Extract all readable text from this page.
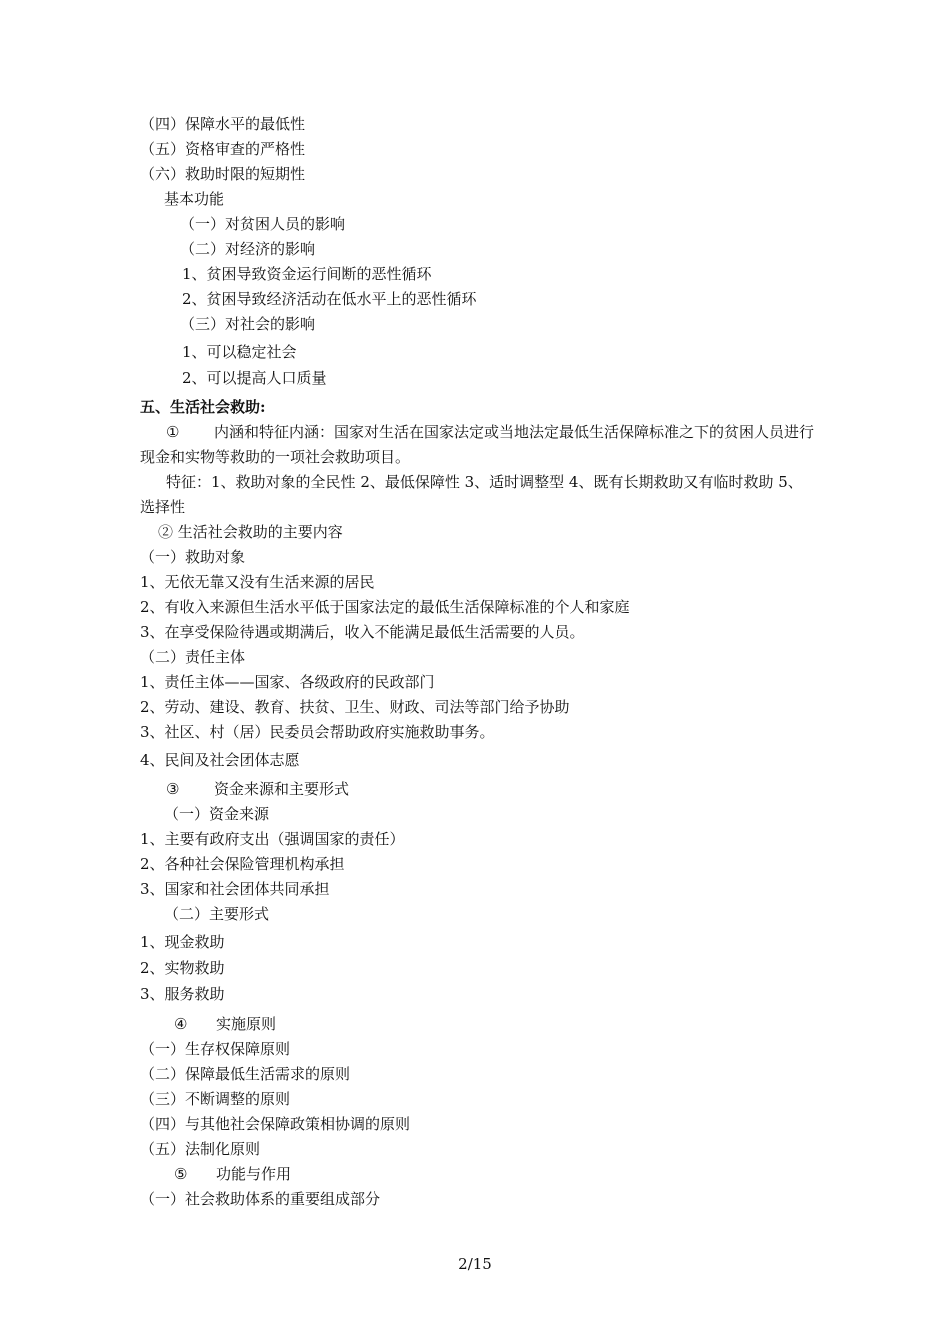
（四）保障水平的最低性
（五）资格审查的严格性
（六）救助时限的短期性
基本功能
（一）对贫困人员的影响
（二）对经济的影响
1、贫困导致资金运行间断的恶性循环
2、贫困导致经济活动在低水平上的恶性循环
（三）对社会的影响
1、可以稳定社会
2、可以提高人口质量
五、生活社会救助:
① 内涵和特征内涵：国家对生活在国家法定或当地法定最低生活保障标准之下的贫困人员进行现金和实物等救助的一项社会救助项目。
特征：1、救助对象的全民性 2、最低保障性 3、适时调整型 4、既有长期救助又有临时救助 5、选择性
② 生活社会救助的主要内容
（一）救助对象
1、无依无靠又没有生活来源的居民
2、有收入来源但生活水平低于国家法定的最低生活保障标准的个人和家庭
3、在享受保险待遇或期满后，收入不能满足最低生活需要的人员。
（二）责任主体
1、责任主体——国家、各级政府的民政部门
2、劳动、建设、教育、扶贫、卫生、财政、司法等部门给予协助
3、社区、村（居）民委员会帮助政府实施救助事务。
4、民间及社会团体志愿
③ 资金来源和主要形式
（一）资金来源
1、主要有政府支出（强调国家的责任）
2、各种社会保险管理机构承担
3、国家和社会团体共同承担
（二）主要形式
1、现金救助
2、实物救助
3、服务救助
④ 实施原则
（一）生存权保障原则
（二）保障最低生活需求的原则
（三）不断调整的原则
（四）与其他社会保障政策相协调的原则
（五）法制化原则
⑤ 功能与作用
（一）社会救助体系的重要组成部分
2/15
